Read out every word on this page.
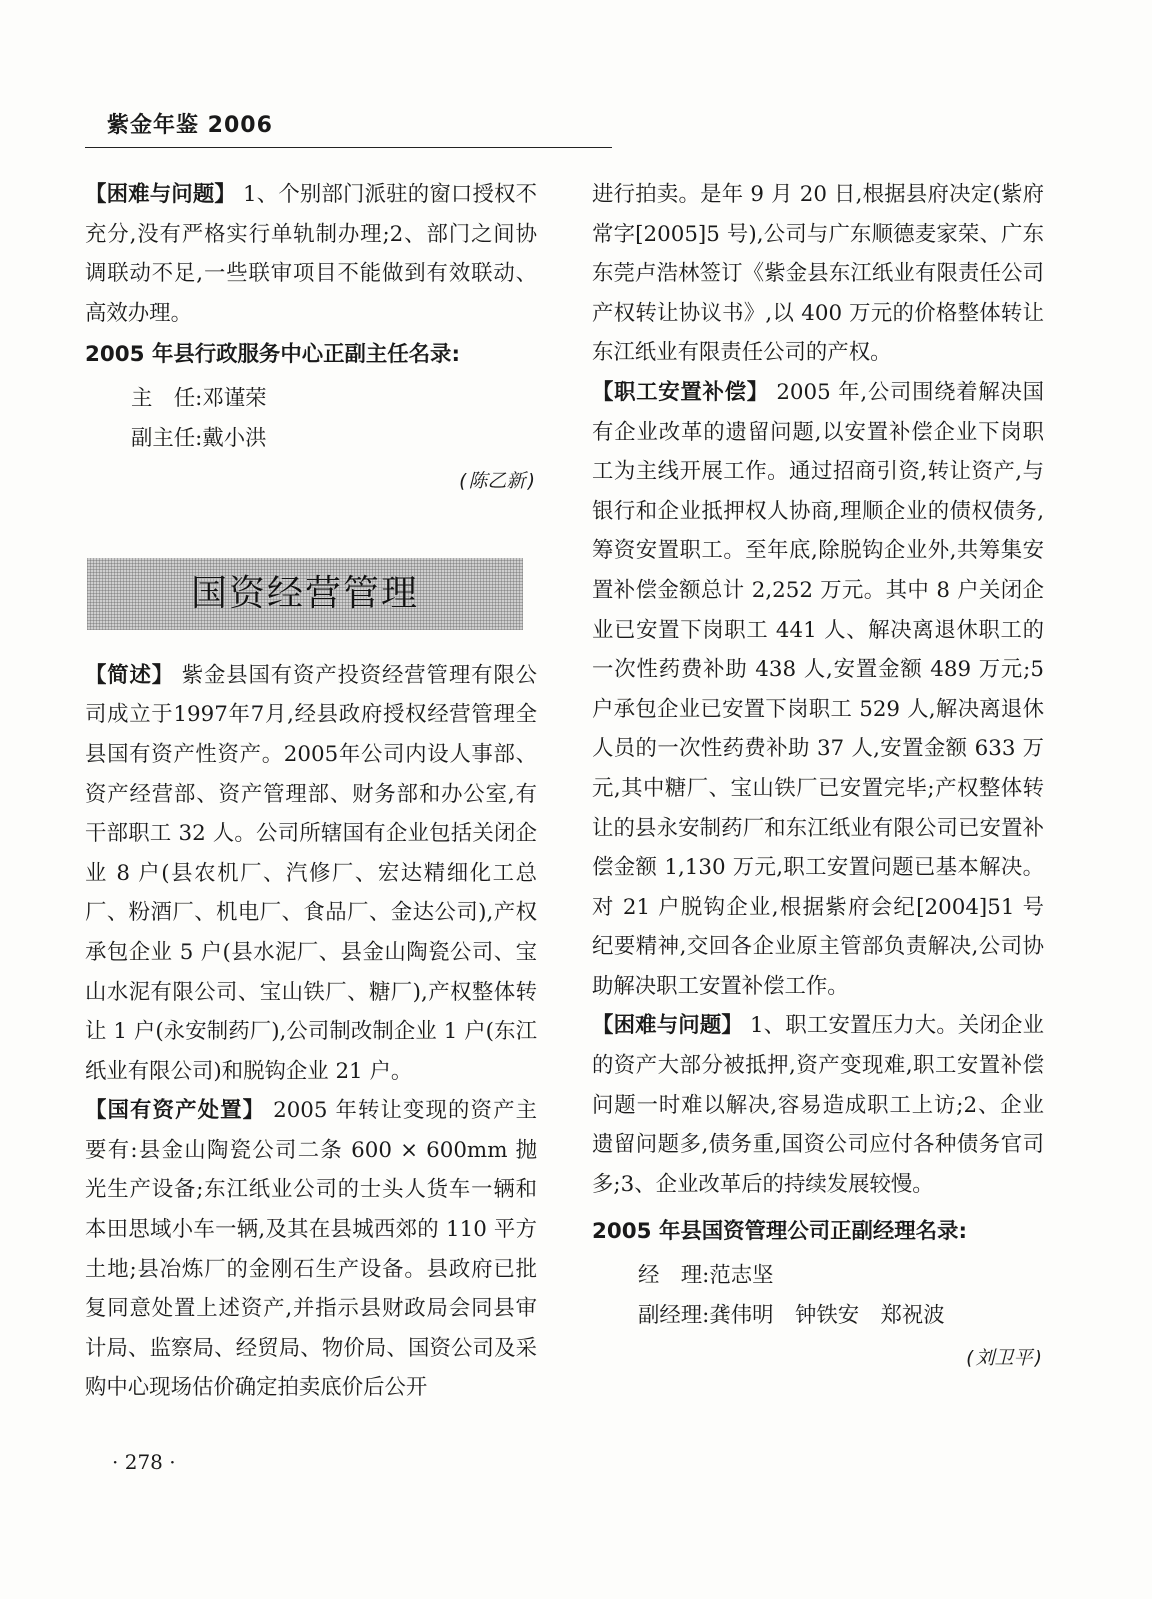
紫金年鉴 2006

【困难与问题】 1、个别部门派驻的窗口授权不充分,没有严格实行单轨制办理;2、部门之间协调联动不足,一些联审项目不能做到有效联动、高效办理。

2005 年县行政服务中心正副主任名录:

主　任:邓谨荣

副主任:戴小洪

(陈乙新)

国资经营管理

【简述】 紫金县国有资产投资经营管理有限公司成立于1997年7月,经县政府授权经营管理全县国有资产性资产。2005年公司内设人事部、资产经营部、资产管理部、财务部和办公室,有干部职工 32 人。公司所辖国有企业包括关闭企业 8 户(县农机厂、汽修厂、宏达精细化工总厂、粉酒厂、机电厂、食品厂、金达公司),产权承包企业 5 户(县水泥厂、县金山陶瓷公司、宝山水泥有限公司、宝山铁厂、糖厂),产权整体转让 1 户(永安制药厂),公司制改制企业 1 户(东江纸业有限公司)和脱钩企业 21 户。

【国有资产处置】 2005 年转让变现的资产主要有:县金山陶瓷公司二条 600 × 600mm 抛光生产设备;东江纸业公司的士头人货车一辆和本田思域小车一辆,及其在县城西郊的 110 平方土地;县冶炼厂的金刚石生产设备。县政府已批复同意处置上述资产,并指示县财政局会同县审计局、监察局、经贸局、物价局、国资公司及采购中心现场估价确定拍卖底价后公开

进行拍卖。是年 9 月 20 日,根据县府决定(紫府常字[2005]5 号),公司与广东顺德麦家荣、广东东莞卢浩林签订《紫金县东江纸业有限责任公司产权转让协议书》,以 400 万元的价格整体转让东江纸业有限责任公司的产权。

【职工安置补偿】 2005 年,公司围绕着解决国有企业改革的遗留问题,以安置补偿企业下岗职工为主线开展工作。通过招商引资,转让资产,与银行和企业抵押权人协商,理顺企业的债权债务,筹资安置职工。至年底,除脱钩企业外,共筹集安置补偿金额总计 2,252 万元。其中 8 户关闭企业已安置下岗职工 441 人、解决离退休职工的一次性药费补助 438 人,安置金额 489 万元;5 户承包企业已安置下岗职工 529 人,解决离退休人员的一次性药费补助 37 人,安置金额 633 万元,其中糖厂、宝山铁厂已安置完毕;产权整体转让的县永安制药厂和东江纸业有限公司已安置补偿金额 1,130 万元,职工安置问题已基本解决。对 21 户脱钩企业,根据紫府会纪[2004]51 号纪要精神,交回各企业原主管部负责解决,公司协助解决职工安置补偿工作。

【困难与问题】 1、职工安置压力大。关闭企业的资产大部分被抵押,资产变现难,职工安置补偿问题一时难以解决,容易造成职工上访;2、企业遗留问题多,债务重,国资公司应付各种债务官司多;3、企业改革后的持续发展较慢。

2005 年县国资管理公司正副经理名录:

经　理:范志坚

副经理:龚伟明　钟铁安　郑祝波

(刘卫平)

· 278 ·
